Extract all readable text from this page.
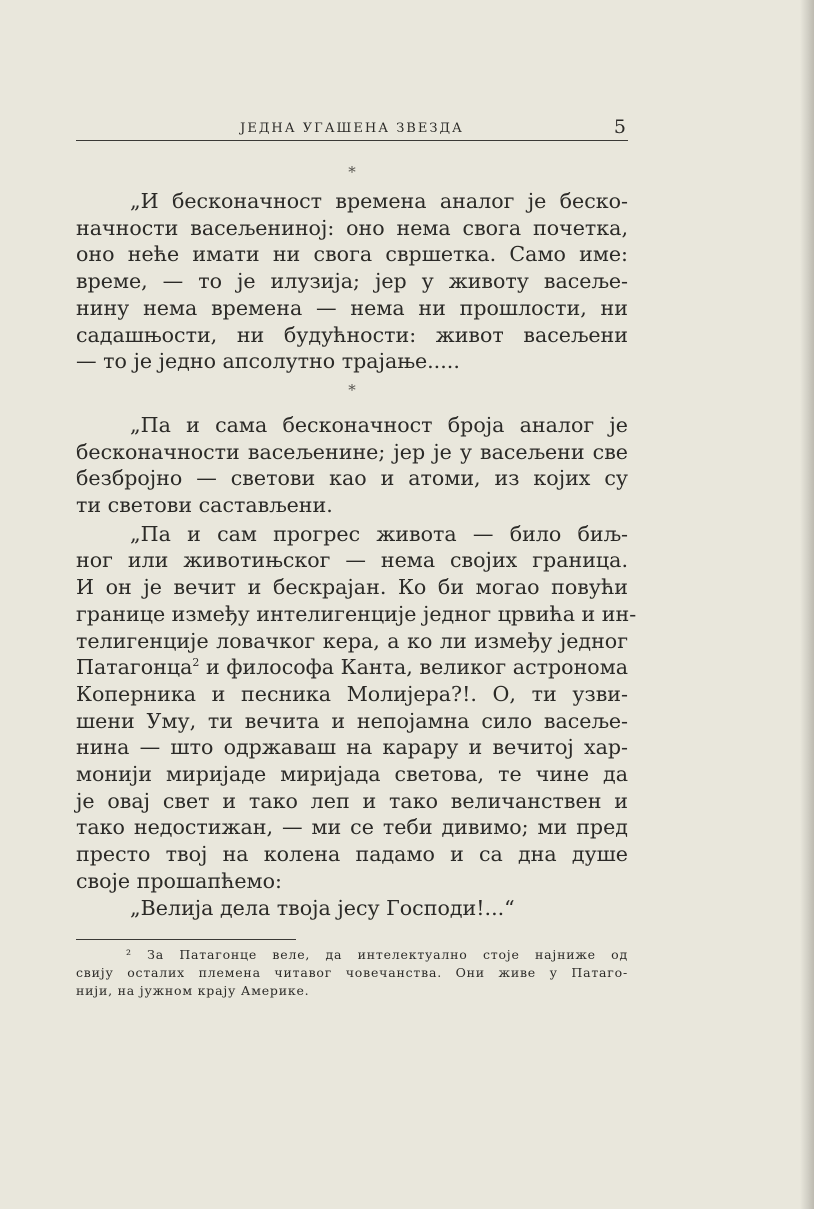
ЈЕДНА УГАШЕНА ЗВЕЗДА	5
*
„И бесконачност времена аналог је беско-
начности васељенинoј: оно нема свога почетка,
оно неће имати ни свога свршетка. Само име:
време, — то је илузија; јер у животу васеље-
нину нема времена — нема ни прошлости, ни
садашњости, ни будућности: живот васељени
— то је једно апсолутно трајање.....
*
„Па и сама бесконачност броја аналог је
бесконачности васељенине; јер је у васељени све
безбројно — светови као и атоми, из којих су
ти светови састављени.
„Па и сам прогрес живота — било биљ-
ног или животињског — нема својих граница.
И он је вечит и бескрајан. Ко би могао повући
границе између интелигенције једног црвића и ин-
телигенције ловачког кера, а ко ли између једног
Патагонца$^2$ и философа Канта, великог астронома
Коперника и песника Молијера?!. О, ти узви-
шени Уму, ти вечита и непојамна сило васеље-
нина — што одржаваш на карару и вечитој хар-
монији миријаде миријада светова, те чине да
је овај свет и тако леп и тако величанствен и
тако недостижан, — ми се теби дивимо; ми пред
престо твој на колена падамо и са дна душе
своје прошапћемо:
„Велија дела твоја јесу Господи!...“
² За Патагонце веле, да интелектуално стоје најниже од
свију осталих племена читавог човечанства. Они живе у Патаго-
нији, на јужном крају Америке.
